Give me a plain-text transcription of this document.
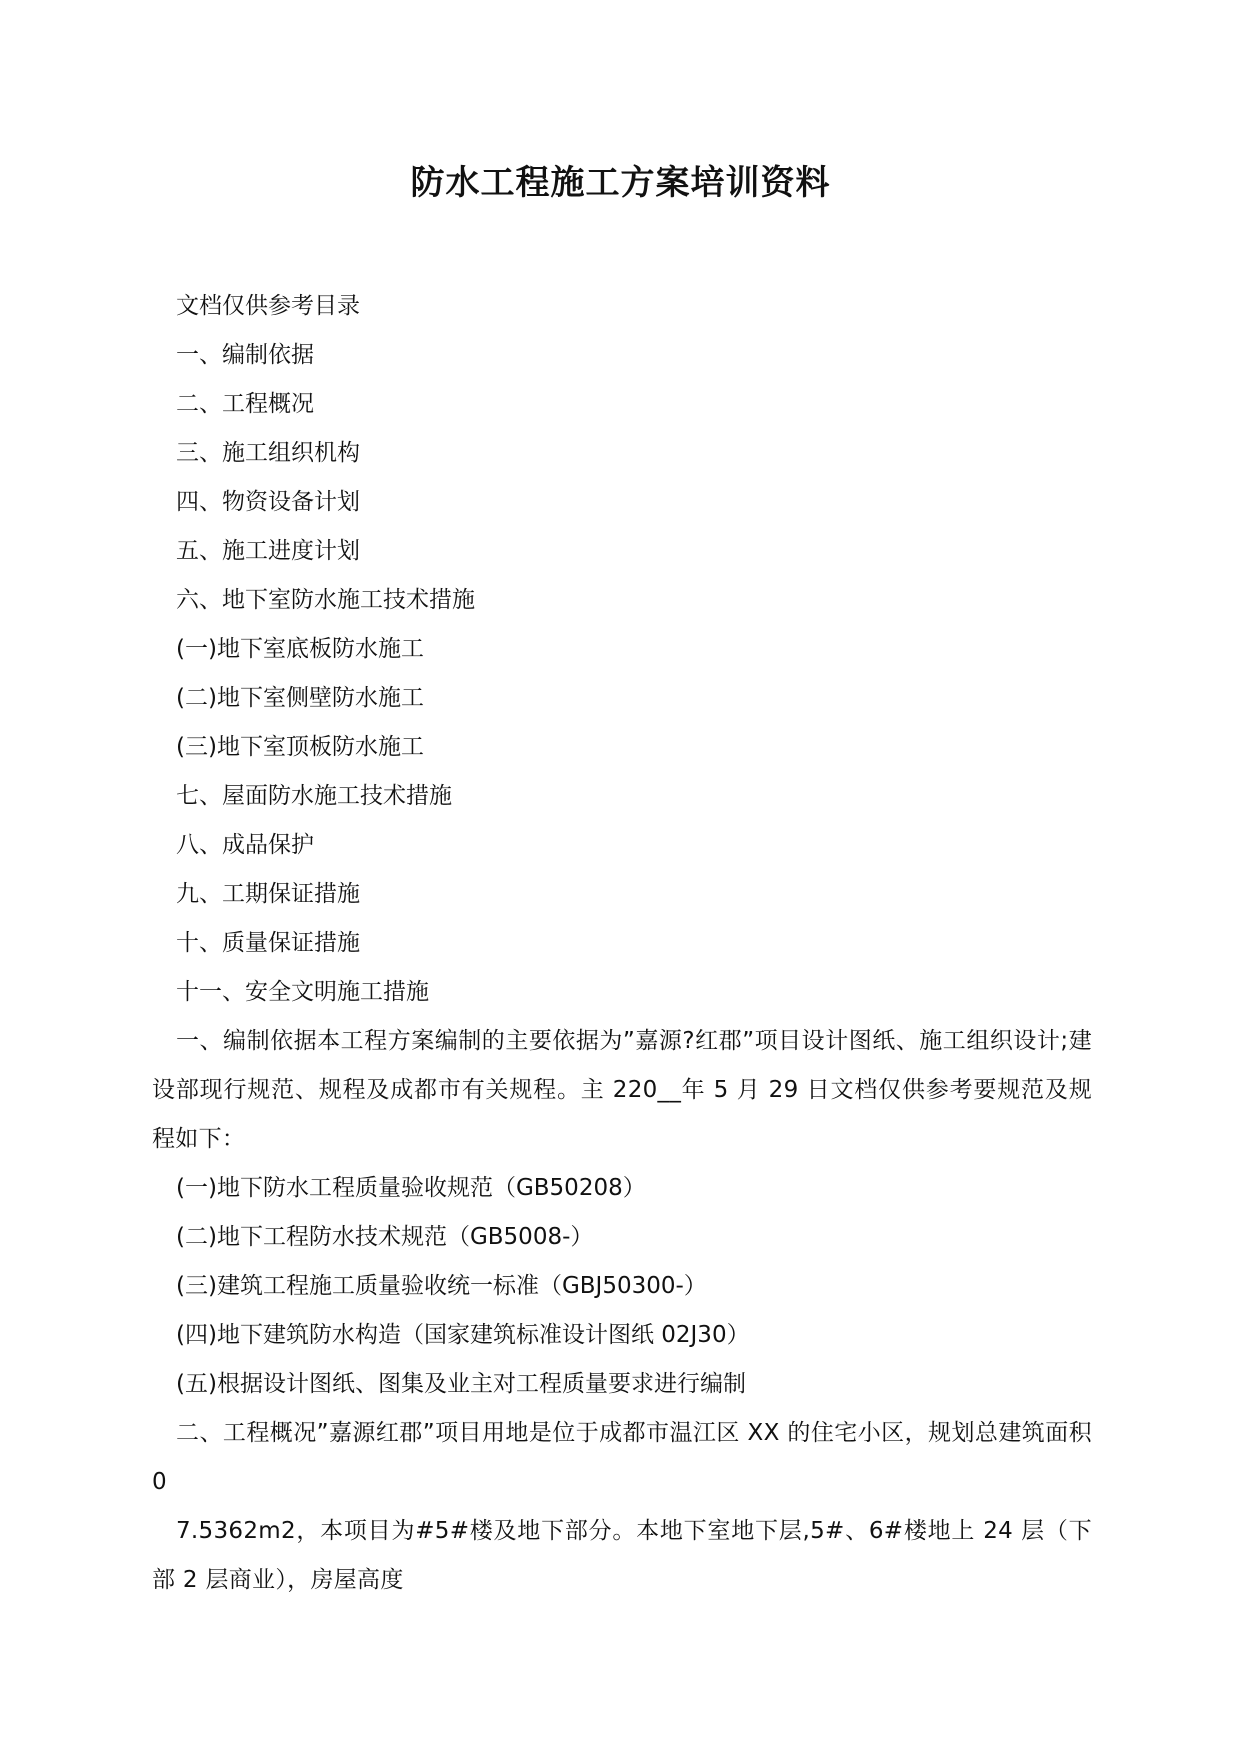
防水工程施工方案培训资料

文档仅供参考目录

一、编制依据

二、工程概况

三、施工组织机构

四、物资设备计划

五、施工进度计划

六、地下室防水施工技术措施

(一)地下室底板防水施工

(二)地下室侧壁防水施工

(三)地下室顶板防水施工

七、屋面防水施工技术措施

八、成品保护

九、工期保证措施

十、质量保证措施

十一、安全文明施工措施

一、编制依据本工程方案编制的主要依据为”嘉源?红郡”项目设计图纸、施工组织设计;建设部现行规范、规程及成都市有关规程。主 220__年 5 月 29 日文档仅供参考要规范及规程如下：

(一)地下防水工程质量验收规范（GB50208）

(二)地下工程防水技术规范（GB5008-）

(三)建筑工程施工质量验收统一标准（GBJ50300-）

(四)地下建筑防水构造（国家建筑标准设计图纸 02J30）

(五)根据设计图纸、图集及业主对工程质量要求进行编制

二、工程概况”嘉源红郡”项目用地是位于成都市温江区 XX 的住宅小区，规划总建筑面积 0

7.5362m2，本项目为#5#楼及地下部分。本地下室地下层,5#、6#楼地上 24 层（下部 2 层商业），房屋高度
